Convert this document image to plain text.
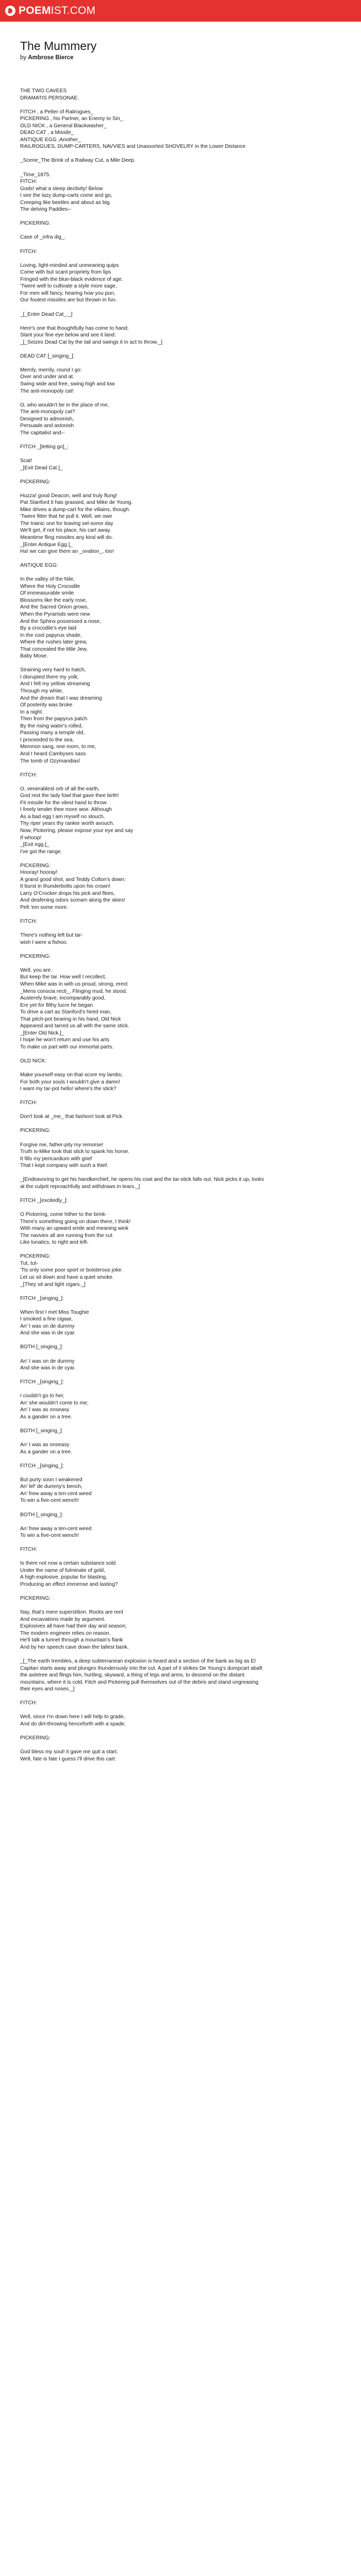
POEMIST.COM
The Mummery
by Ambrose Bierce
THE TWO CAVEES
DRAMATIS PERSONAE.

FITCH , a Pelter of Railrogues_
PICKERING , his Partner, an Enemy to Sin_
OLD NICK , a General Blackwasher_
DEAD CAT , a Missile_
ANTIQUE EGG ,Another_
RAILROGUES, DUMP-CARTERS, NAVVIES and Unassorted SHOVELRY in the Lower Distance

_Scene_The Brink of a Railway Cut, a Mile Deep.

_Time_1875.
FITCH:
Gods! what a steep declivity! Below
I see the lazy dump-carts come and go,
Creeping like beetles and about as big.
The delving Paddies--

PICKERING:

Case of _infra dig_.

FITCH:

Loving, light-minded and unmeaning quips
Come with but scant propriety from lips
Fringed with the blue-black evidence of age.
'Twere well to cultivate a style more sage,
For men will fancy, hearing how you pun,
Our foulest missiles are but thrown in fun.

_[_Enter Dead Cat_._]

Here's one that thoughtfully has come to hand;
Slant your fine eye below and see it land.
_[_Seizes Dead Cat by the tail and swings it in act to throw._]

DEAD CAT [_singing_]:

Merrily, merrily, round I go:
Over and under and at.
Swing wide and free, swing high and low
The anti-monopoly cat!

O, who wouldn't be in the place of me,
The anti-monopoly cat?
Designed to admonish,
Persuade and astonish
The capitalist and--

FITCH _[letting go]_:

Scat!
_[Exit Dead Cat.]_

PICKERING:

Huzza! good Deacon, well and truly flung!
Pat Stanford it has grassed, and Mike de Young.
Mike drives a dump-cart for the villains, though.
'Twere fitter that he pull it. Well, we owe
The trainic one for leaving sel-some day
We'll get, if not his place, his cart away.
Meantime fling missiles any kind will do.
_[Enter Antique Egg.]_
Ha! we can give them an _ovation_, too!

ANTIQUE EGG:

In the valley of the Nile,
Where the Holy Crocodile
Of immeasurable smile
Blossoms like the early rose,
And the Sacred Onion grows,
When the Pyramids were new
And the Sphinx possessed a nose,
By a crocodile's eye laid
In the cool papyrus shade,
Where the rushes later grew,
That concealed the little Jew,
Baby Mose.

Straining very hard to hatch,
I disrupted there my yolk;
And I felt my yellow streaming
Through my white,
And the dream that I was dreaming
Of posterity was broke
In a night.
Then from the papyrus patch
By the rising water's rolled,
Passing many a temple old,
I proceeded to the sea.
Memnon sang, one morn, to me,
And I heard Cambyses sass
The tomb of Ozymandias!

FITCH:

O, venerablest orb of all the earth,
God rest the lady fowl that gave thee birth!
Fit missile for the vilest hand to throw
I freely tender thee more woe. Although
As a bad egg I am myself no slouch,
Thy riper years thy ranker worth avouch.
Now, Pickering, please expose your eye and say
If whoop!
_[Exit egg.]_
I've got the range.

PICKERING:
Hooray! hooray!
A grand good shot, and Teddy Colton's down:
It burst in thunderbolts upon his crown!
Larry O'Crocker drops his pick and flees,
And deafening odors scream along the skies!
Pelt 'em some more.

FITCH:

There's nothing left but tar-
wish I were a fishoo.

PICKERING:

Well, you are.
But keep the tar. How well I recollect,
When Mike was in with us proud, strong, erect
_Mens conscia recti_, Flinging mud, he stood,
Austerely brave, incomparably good,
Ere yet for filthy lucre he began
To drive a cart as Stanford's hired man,
That pitch-pot bearing in his hand, Old Nick
Appeared and tarred us all with the same stick.
_[Enter Old Nick.]_
I hope he won't return and use his arts
To make us part with our immortal parts.

OLD NICK:

Make yourself easy on that score my lambs;
For both your souls I wouldn't give a damn!
I want my tar-pot hello! where's the stick?

FITCH:

Don't look at _me_ that fashion! look at Pick.

PICKERING:

Forgive me, father-pity my remorse!
Truth is-Mike took that stick to spank his horse.
It fills my pericardium with grief
That I kept company with such a thief.

_[Endeavoring to get his handkerchief, he opens his coat and the tar-stick falls out. Nick picks it up, looks at the culprit reproachfully and withdraws in tears._]

FITCH _[excitedly_]:

O Pickering, come hither to the brink-
There's something going on down there, I think!
With many an upward smile and meaning wink
The navvies all are running from the cut
Like lunatics, to right and left-

PICKERING:
Tut, tut-
'Tis only some poor sport or boisterous joke.
Let us sit down and have a quiet smoke.
_[They sit and light cigars._]

FITCH _[singing_]:

When first I met Miss Toughie
I smoked a fine cigaar,
An' I was on de dummy
And she was in de cyar.

BOTH [_singing_]:

An' I was on de dummy
And she was in de cyar.

FITCH _[singing_]:

I couldn't go to her,
An' she wouldn't come to me;
An' I was as onseasy
As a gander on a tree.

BOTH [_singing_]:

An' I was as onseasy
As a gander on a tree.

FITCH _[singing_]:

But purty soon I weakened
An' lef' de dummy's bench,
An' frew away a ten-cent weed
To win a five-cent wench!

BOTH [_singing_]:

An' frew away a ten-cent weed
To win a five-cent wench!

FITCH:

Is there not now a certain substance sold
Under the name of fulminate of gold,
A high explosive, popular for blasting,
Producing an effect immense and lasting?

PICKERING:

Nay, that's mere superstition. Rocks are rent
And excavations made by argument.
Explosives all have had their day and season;
The modern engineer relies on reason.
He'll talk a tunnel through a mountain's flank
And by her speech cave down the tallest bank.

_[_The earth trembles, a deep subterranean explosion is heard and a section of the bank as big as El Capitan starts away and plunges thunderously into the cut. A part of it strikes De Young's dumpcart abaft the axletree and flings him, hurtling, skyward, a thing of legs and arms, to descend on the distant mountains, where it is cold. Fitch and Pickering pull themselves out of the debris and stand ungreasing their eyes and noses._]

FITCH:

Well, since I'm down here I will help to grade,
And do dirt-throwing henceforth with a spade.

PICKERING:

God bless my soul! it gave me quit a start.
Well, fate is fate I guess I'll drive this cart.
